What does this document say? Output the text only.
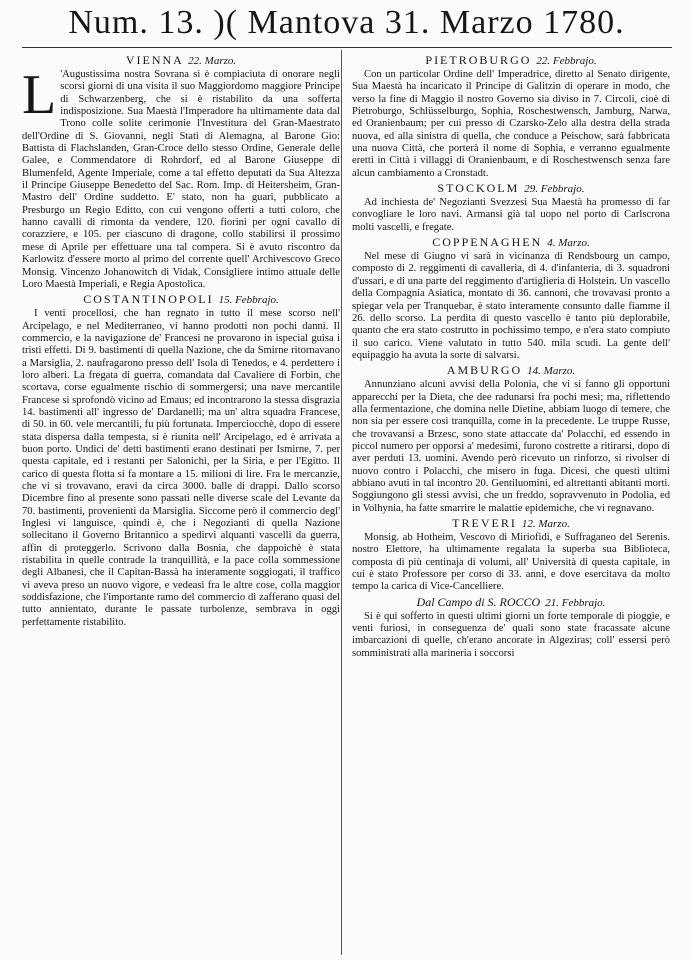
Num. 13. )( Mantova 31. Marzo 1780.
VIENNA 22. Marzo.
L 'Augustissima nostra Sovrana si è compiaciuta di onorare negli scorsi giorni di una visita il suo Maggiordomo maggiore Principe di Schwarzenberg, che si è ristabilito da una sofferta indisposizione. Sua Maestà l'Imperadore ha ultimamente data dal Trono colle solite cerimonie l'Investitura del Gran-Maestrato dell'Ordine di S. Giovanni, negli Stati di Alemagna, al Barone Gio: Battista di Flachslanden, Gran-Croce dello stesso Ordine, Generale delle Galee, e Commendatore di Rohrdorf, ed al Barone Giuseppe di Blumenfeld, Agente Imperiale, come a tal effetto deputati da Sua Altezza il Principe Giuseppe Benedetto del Sac. Rom. Imp. di Heitersheim, Gran-Mastro dell' Ordine suddetto. E' stato, non ha guari, pubblicato a Presburgo un Regio Editto, con cui vengono offerti a tutti coloro, che hanno cavalli di rimonta da vendere, 120. fiorini per ogni cavallo di corazziere, e 105. per ciascuno di dragone, collo stabilirsi il prossimo mese di Aprile per effettuare una tal compera. Si è avuto riscontro da Karlowitz d'essere morto al primo del corrente quell' Archivescovo Greco Monsig. Vincenzo Johanowitch di Vidak, Consigliere intimo attuale delle Loro Maestà Imperiali, e Regia Apostolica.
COSTANTINOPOLI 15. Febbrajo.

I venti procellosi, che han regnato in tutto il mese scorso nell' Arcipelago, e nel Mediterraneo, vi hanno prodotti non pochi danni. Il commercio, e la navigazione de' Francesi ne provarono in ispecial guisa i tristi effetti. Di 9. bastimenti di quella Nazione, che da Smirne ritornavano a Marsiglia, 2. naufragarono presso dell' Isola di Tenedos, e 4. perdettero i loro alberi. La fregata di guerra, comandata dal Cavaliere di Forbin, che scortava, corse egualmente rischio di sommergersi; una nave mercantile Francese si sprofondò vicino ad Emaus; ed incontrarono la stessa disgrazia 14. bastimenti all' ingresso de' Dardanelli; ma un' altra squadra Francese, di 50. in 60. vele mercantili, fu più fortunata. Imperciocchè, dopo di essere stata dispersa dalla tempesta, si è riunita nell' Arcipelago, ed è arrivata a buon porto. Undici de' detti bastimenti erano destinati per Ismirne, 7. per questa capitale, ed i restanti per Salonichi, per la Siria, e per l'Egitto. Il carico di questa flotta si fa montare a 15. milioni di lire. Fra le mercanzie, che vi si trovavano, eravi da circa 3000. balle di drappi. Dallo scorso Dicembre fino al presente sono passati nelle diverse scale del Levante da 70. bastimenti, provenienti da Marsiglia. Siccome però il commercio degl' Inglesi vi languisce, quindi è, che i Negozianti di quella Nazione sollecitano il Governo Britannico a spedirvi alquanti vascelli da guerra, affin di proteggerlo. Scrivono dalla Bosnia, che dappoichè è stata ristabilita in quelle contrade la tranquillità, e la pace colla sommessione degli Albanesi, che il Capitan-Bassà ha interamente soggiogati, il traffico vi aveva preso un nuovo vigore, e vedeasi fra le altre cose, colla maggior soddisfazione, che l'importante ramo del commercio di zafferano quasi del tutto annientato, durante le passate turbolenze, sembrava in oggi perfettamente ristabilito.

PIETROBURGO 22. Febbrajo.

Con un particolar Ordine dell' Imperadrice, diretto al Senato dirigente, Sua Maestà ha incaricato il Principe di Galitzin di operare in modo, che verso la fine di Maggio il nostro Governo sia diviso in 7. Circoli, cioè di Pietroburgo, Schlüsselburgo, Sophia, Roschestwensch, Jamburg, Narwa, ed Oranienbaum; per cui presso di Czarsko-Zelo alla destra della strada nuova, ed alla sinistra di quella, che conduce a Peischow, sarà fabbricata una nuova Città, che porterà il nome di Sophia, e verranno egualmente eretti in Città i villaggi di Oranienbaum, e di Roschestwensch senza fare alcun cambiamento a Cronstadt.

STOCKOLM 29. Febbrajo.

Ad inchiesta de' Negozianti Svezzesi Sua Maestà ha promesso di far convogliare le loro navi. Armansi già tal uopo nel porto di Carlscrona molti vascelli, e fregate.

COPPENAGHEN 4. Marzo.

Nel mese di Giugno vi sarà in vicinanza di Rendsbourg un campo, composto di 2. reggimenti di cavalleria, di 4. d'infanteria, di 3. squadroni d'ussari, e di una parte del reggimento d'artiglieria di Holstein. Un vascello della Compagnia Asiatica, montato di 36. cannoni, che trovavasi pronto a spiegar vela per Tranquebar, è stato interamente consunto dalle fiamme il 26. dello scorso. La perdita di questo vascello è tanto più deplorabile, quanto che era stato costrutto in pochissimo tempo, e n'era stato compiuto il suo carico. Viene valutato in tutto 540. mila scudi. La gente dell' equipaggio ha avuta la sorte di salvarsi.

AMBURGO 14. Marzo.

Annunziano alcuni avvisi della Polonia, che vi si fanno gli opportuni apparecchi per la Dieta, che dee radunarsi fra pochi mesi; ma, riflettendo alla fermentazione, che domina nelle Dietine, abbiam luogo di temere, che non sia per essere così tranquilla, come in la precedente. Le truppe Russe, che trovavansi a Brzesc, sono state attaccate da' Polacchi, ed essendo in piccol numero per opporsi a' medesimi, furono costrette a ritirarsi, dopo di aver perduti 13. uomini. Avendo però ricevuto un rinforzo, si rivolser di nuovo contro i Polacchi, che misero in fuga. Dicesi, che questi ultimi abbiano avuti in tal incontro 20. Gentiluomini, ed altrettanti abitanti morti. Soggiungono gli stessi avvisi, che un freddo, sopravvenuto in Podolia, ed in Volhynia, ha fatte smarrire le malattie epidemiche, che vi regnavano.

TREVERI 12. Marzo.

Monsig. ab Hotheim, Vescovo di Miriofidi, e Suffraganeo del Serenis. nostro Elettore, ha ultimamente regalata la superba sua Biblioteca, composta di più centinaja di volumi, all' Università di questa capitale, in cui è stato Professore per corso di 33. anni, e dove esercitava da molto tempo la carica di Vice-Cancelliere.

Dal Campo di S. ROCCO 21. Febbrajo.

Si è qui sofferto in questi ultimi giorni un forte temporale di pioggie, e venti furiosi, in conseguenza de' quali sono state fracassate alcune imbarcazioni di quelle, ch'erano ancorate in Algeziras; coll' essersi però somministrati alla marineria i soccorsi
